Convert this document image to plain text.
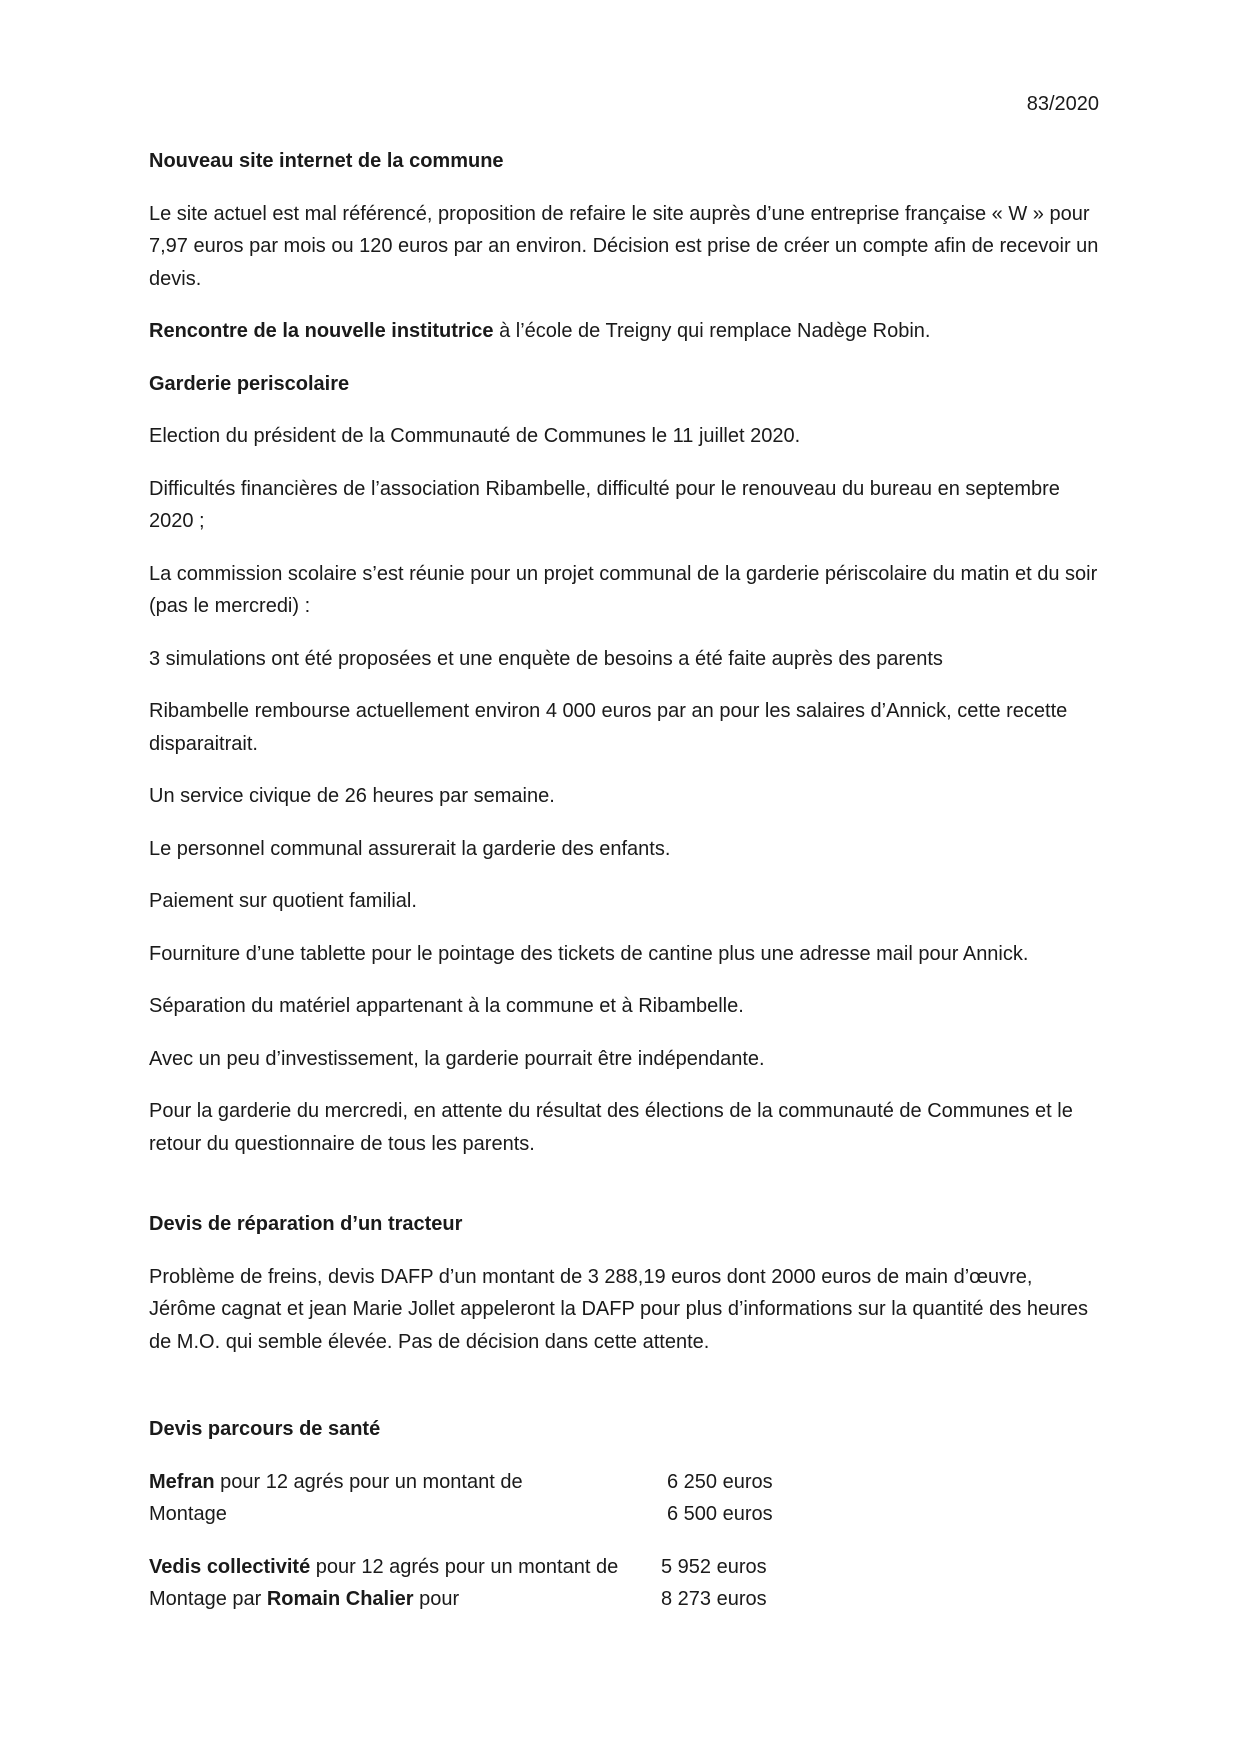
83/2020

Nouveau site internet de la commune

Le site actuel est mal référencé, proposition de refaire le site auprès d’une entreprise française « W » pour 7,97 euros par mois ou 120 euros par an environ. Décision est prise de créer un compte afin de recevoir un devis.

Rencontre de la nouvelle institutrice à l’école de Treigny qui remplace Nadège Robin.

Garderie periscolaire

Election du président de la Communauté de Communes le 11 juillet 2020.

Difficultés financières de l’association Ribambelle, difficulté pour le renouveau du bureau en septembre 2020 ;

La commission scolaire s’est réunie pour un projet communal de la garderie périscolaire du matin et du soir (pas le mercredi) :

3 simulations ont été proposées et une enquète de besoins a été faite auprès des parents

Ribambelle rembourse actuellement environ 4 000 euros par an pour les salaires d’Annick, cette recette disparaitrait.

Un service civique de 26 heures par semaine.

Le personnel communal assurerait la garderie des enfants.

Paiement sur quotient familial.

Fourniture d’une tablette pour le pointage des tickets de cantine plus une adresse mail pour Annick.

Séparation du matériel appartenant à la commune et à Ribambelle.

Avec un peu d’investissement, la garderie pourrait être indépendante.

Pour la garderie du mercredi, en attente du résultat des élections de la communauté de Communes et le retour du questionnaire de tous les parents.

Devis de réparation d’un tracteur

Problème de freins, devis DAFP d’un montant de 3 288,19 euros dont 2000 euros de main d’œuvre, Jérôme cagnat et jean Marie Jollet appeleront la DAFP pour plus d’informations sur la quantité des heures de M.O. qui semble élevée. Pas de décision dans cette attente.

Devis parcours de santé

Mefran pour 12 agrés pour un montant de	6 250 euros
Montage	6 500 euros
Vedis collectivité pour 12 agrés pour un montant de	5 952 euros
Montage par Romain Chalier pour	8 273 euros
